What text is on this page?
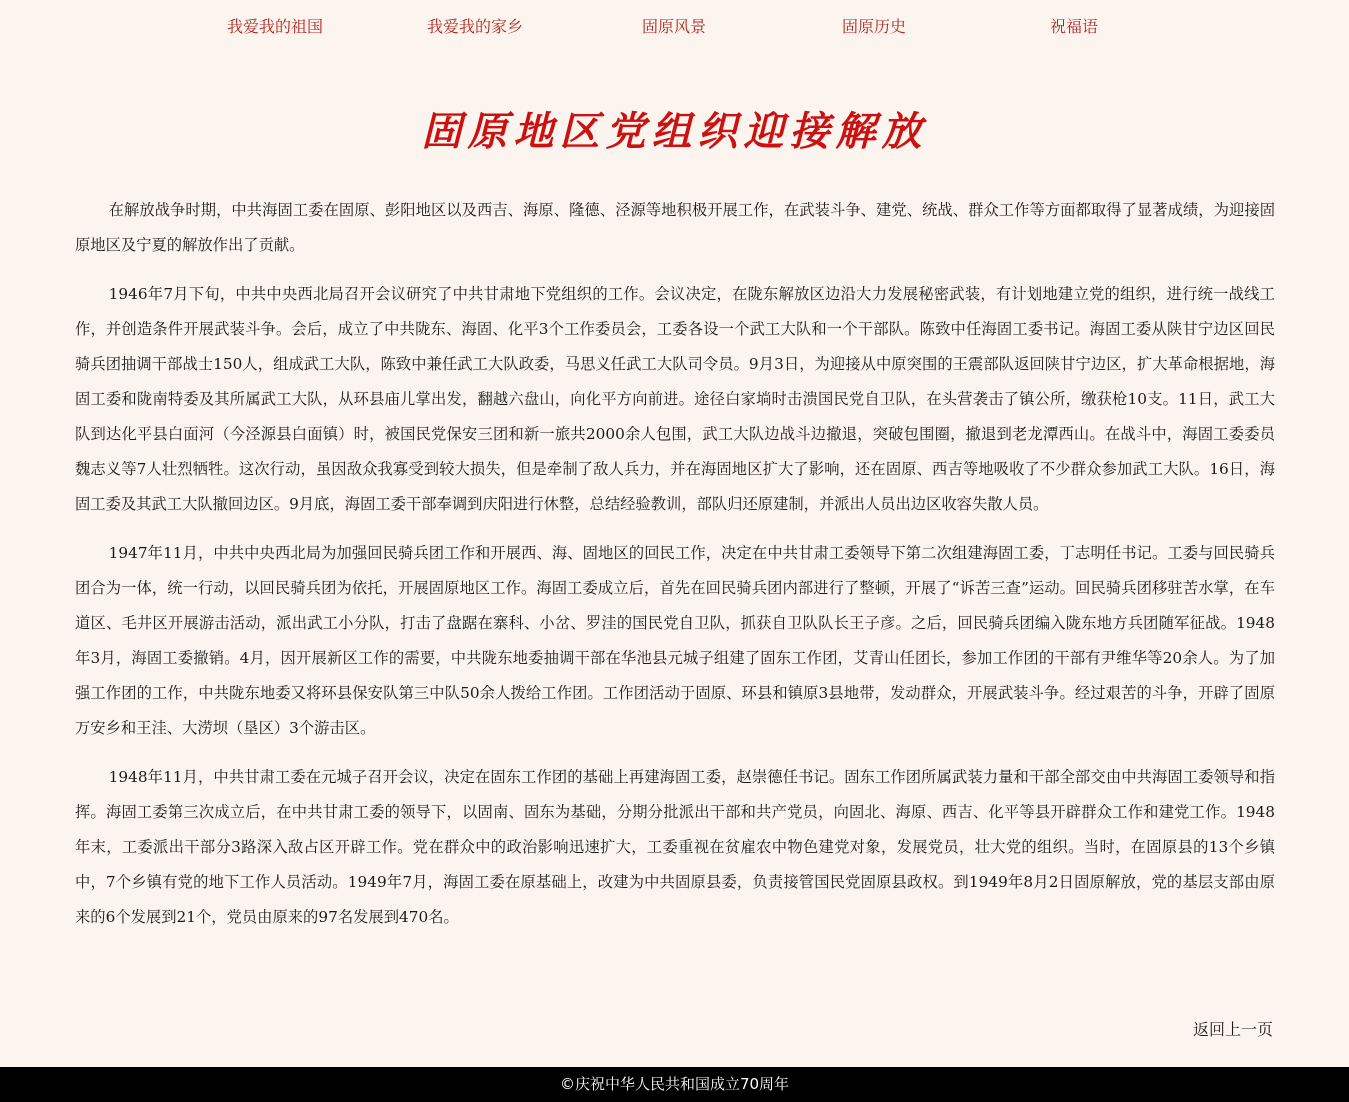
我爱我的祖国	我爱我的家乡	固原风景	固原历史	祝福语
固原地区党组织迎接解放

在解放战争时期，中共海固工委在固原、彭阳地区以及西吉、海原、隆德、泾源等地积极开展工作，在武装斗争、建党、统战、群众工作等方面都取得了显著成绩，为迎接固原地区及宁夏的解放作出了贡献。

1946年7月下旬，中共中央西北局召开会议研究了中共甘肃地下党组织的工作。会议决定，在陇东解放区边沿大力发展秘密武装，有计划地建立党的组织，进行统一战线工作，并创造条件开展武装斗争。会后，成立了中共陇东、海固、化平3个工作委员会，工委各设一个武工大队和一个干部队。陈致中任海固工委书记。海固工委从陕甘宁边区回民骑兵团抽调干部战士150人，组成武工大队，陈致中兼任武工大队政委，马思义任武工大队司令员。9月3日，为迎接从中原突围的王震部队返回陕甘宁边区，扩大革命根据地，海固工委和陇南特委及其所属武工大队，从环县庙儿掌出发，翻越六盘山，向化平方向前进。途径白家埫时击溃国民党自卫队，在头营袭击了镇公所，缴获枪10支。11日，武工大队到达化平县白面河（今泾源县白面镇）时，被国民党保安三团和新一旅共2000余人包围，武工大队边战斗边撤退，突破包围圈，撤退到老龙潭西山。在战斗中，海固工委委员魏志义等7人壮烈牺牲。这次行动，虽因敌众我寡受到较大损失，但是牵制了敌人兵力，并在海固地区扩大了影响，还在固原、西吉等地吸收了不少群众参加武工大队。16日，海固工委及其武工大队撤回边区。9月底，海固工委干部奉调到庆阳进行休整，总结经验教训，部队归还原建制，并派出人员出边区收容失散人员。

1947年11月，中共中央西北局为加强回民骑兵团工作和开展西、海、固地区的回民工作，决定在中共甘肃工委领导下第二次组建海固工委，丁志明任书记。工委与回民骑兵团合为一体，统一行动，以回民骑兵团为依托，开展固原地区工作。海固工委成立后，首先在回民骑兵团内部进行了整顿，开展了“诉苦三查”运动。回民骑兵团移驻苦水掌，在车道区、毛井区开展游击活动，派出武工小分队，打击了盘踞在寨科、小岔、罗洼的国民党自卫队，抓获自卫队队长王子彦。之后，回民骑兵团编入陇东地方兵团随军征战。1948年3月，海固工委撤销。4月，因开展新区工作的需要，中共陇东地委抽调干部在华池县元城子组建了固东工作团，艾青山任团长，参加工作团的干部有尹维华等20余人。为了加强工作团的工作，中共陇东地委又将环县保安队第三中队50余人拨给工作团。工作团活动于固原、环县和镇原3县地带，发动群众，开展武装斗争。经过艰苦的斗争，开辟了固原万安乡和王洼、大涝坝（垦区）3个游击区。

1948年11月，中共甘肃工委在元城子召开会议，决定在固东工作团的基础上再建海固工委，赵崇德任书记。固东工作团所属武装力量和干部全部交由中共海固工委领导和指挥。海固工委第三次成立后，在中共甘肃工委的领导下，以固南、固东为基础，分期分批派出干部和共产党员，向固北、海原、西吉、化平等县开辟群众工作和建党工作。1948年末，工委派出干部分3路深入敌占区开辟工作。党在群众中的政治影响迅速扩大，工委重视在贫雇农中物色建党对象，发展党员，壮大党的组织。当时，在固原县的13个乡镇中，7个乡镇有党的地下工作人员活动。1949年7月，海固工委在原基础上，改建为中共固原县委，负责接管国民党固原县政权。到1949年8月2日固原解放，党的基层支部由原来的6个发展到21个，党员由原来的97名发展到470名。

返回上一页
©庆祝中华人民共和国成立70周年
